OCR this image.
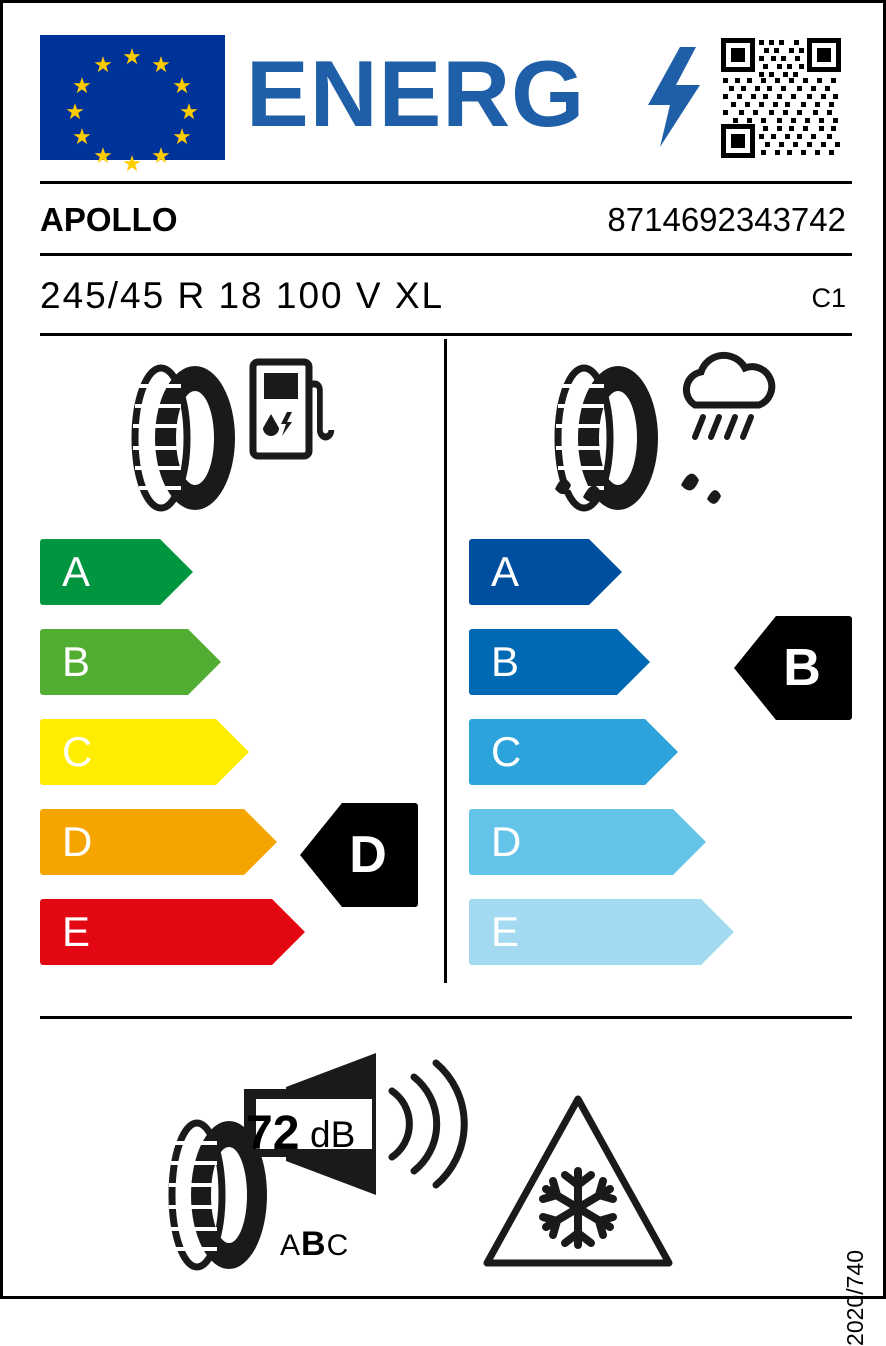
★
★ ★
★	★
★	★
★	★
★ ★
★
ENERG
APOLLO	8714692343742
245/45 R 18 100 V XL	C1
A
B
C
D
E
D
A
B
C
D
E
B
72 dB
ABC
2020/740
